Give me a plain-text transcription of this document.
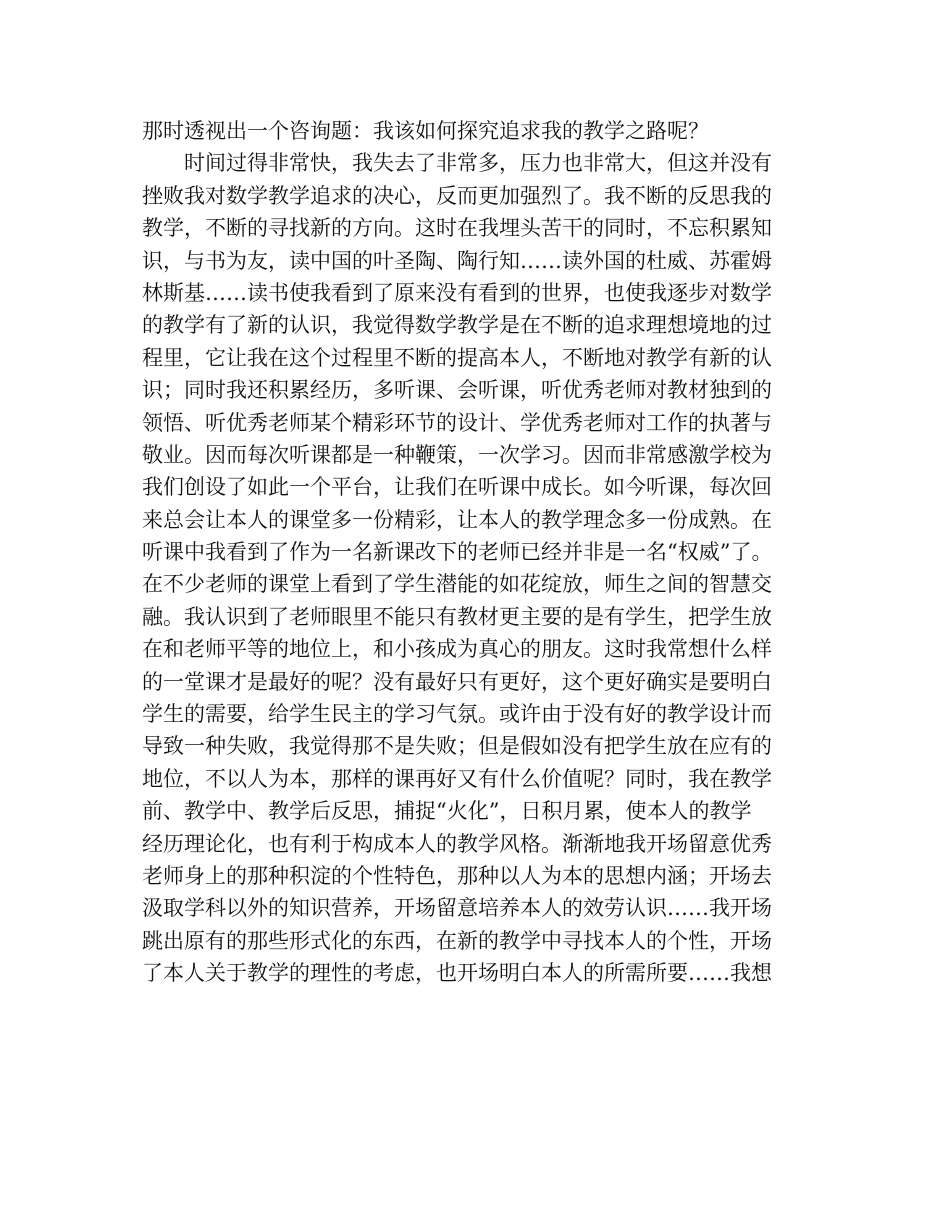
那时透视出一个咨询题：我该如何探究追求我的教学之路呢？
时间过得非常快，我失去了非常多，压力也非常大，但这并没有
挫败我对数学教学追求的决心，反而更加强烈了。我不断的反思我的
教学，不断的寻找新的方向。这时在我埋头苦干的同时，不忘积累知
识，与书为友，读中国的叶圣陶、陶行知……读外国的杜威、苏霍姆
林斯基……读书使我看到了原来没有看到的世界，也使我逐步对数学
的教学有了新的认识，我觉得数学教学是在不断的追求理想境地的过
程里，它让我在这个过程里不断的提高本人，不断地对教学有新的认
识；同时我还积累经历，多听课、会听课，听优秀老师对教材独到的
领悟、听优秀老师某个精彩环节的设计、学优秀老师对工作的执著与
敬业。因而每次听课都是一种鞭策，一次学习。因而非常感激学校为
我们创设了如此一个平台，让我们在听课中成长。如今听课，每次回
来总会让本人的课堂多一份精彩，让本人的教学理念多一份成熟。在
听课中我看到了作为一名新课改下的老师已经并非是一名“权威”了。
在不少老师的课堂上看到了学生潜能的如花绽放，师生之间的智慧交
融。我认识到了老师眼里不能只有教材更主要的是有学生，把学生放
在和老师平等的地位上，和小孩成为真心的朋友。这时我常想什么样
的一堂课才是最好的呢？没有最好只有更好，这个更好确实是要明白
学生的需要，给学生民主的学习气氛。或许由于没有好的教学设计而
导致一种失败，我觉得那不是失败；但是假如没有把学生放在应有的
地位，不以人为本，那样的课再好又有什么价值呢？同时，我在教学
前、教学中、教学后反思，捕捉“火化”，日积月累，使本人的教学
经历理论化，也有利于构成本人的教学风格。渐渐地我开场留意优秀
老师身上的那种积淀的个性特色，那种以人为本的思想内涵；开场去
汲取学科以外的知识营养，开场留意培养本人的效劳认识……我开场
跳出原有的那些形式化的东西，在新的教学中寻找本人的个性，开场
了本人关于教学的理性的考虑，也开场明白本人的所需所要……我想
